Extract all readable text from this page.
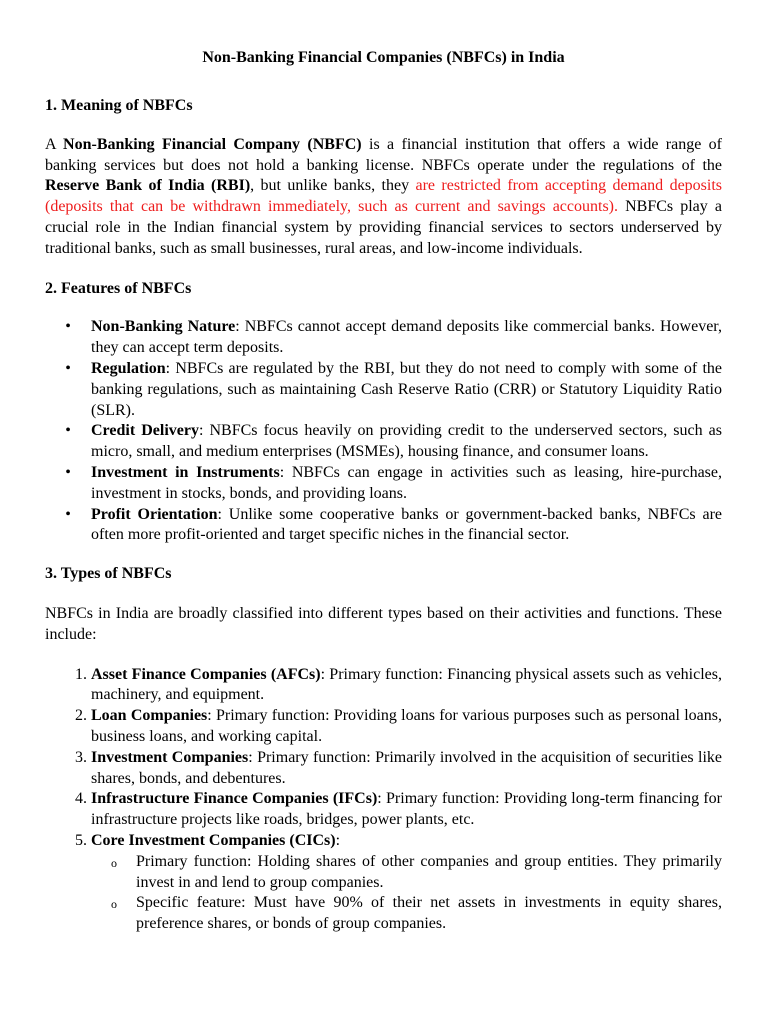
Non-Banking Financial Companies (NBFCs) in India
1. Meaning of NBFCs

A Non-Banking Financial Company (NBFC) is a financial institution that offers a wide range of banking services but does not hold a banking license. NBFCs operate under the regulations of the Reserve Bank of India (RBI), but unlike banks, they are restricted from accepting demand deposits (deposits that can be withdrawn immediately, such as current and savings accounts). NBFCs play a crucial role in the Indian financial system by providing financial services to sectors underserved by traditional banks, such as small businesses, rural areas, and low-income individuals.

2. Features of NBFCs
• Non-Banking Nature: NBFCs cannot accept demand deposits like commercial banks. However, they can accept term deposits.
• Regulation: NBFCs are regulated by the RBI, but they do not need to comply with some of the banking regulations, such as maintaining Cash Reserve Ratio (CRR) or Statutory Liquidity Ratio (SLR).
• Credit Delivery: NBFCs focus heavily on providing credit to the underserved sectors, such as micro, small, and medium enterprises (MSMEs), housing finance, and consumer loans.
• Investment in Instruments: NBFCs can engage in activities such as leasing, hire-purchase, investment in stocks, bonds, and providing loans.
• Profit Orientation: Unlike some cooperative banks or government-backed banks, NBFCs are often more profit-oriented and target specific niches in the financial sector.
3. Types of NBFCs

NBFCs in India are broadly classified into different types based on their activities and functions. These include:

1. Asset Finance Companies (AFCs): Primary function: Financing physical assets such as vehicles, machinery, and equipment.
2. Loan Companies: Primary function: Providing loans for various purposes such as personal loans, business loans, and working capital.
3. Investment Companies: Primary function: Primarily involved in the acquisition of securities like shares, bonds, and debentures.
4. Infrastructure Finance Companies (IFCs): Primary function: Providing long-term financing for infrastructure projects like roads, bridges, power plants, etc.
5. Core Investment Companies (CICs):
o Primary function: Holding shares of other companies and group entities. They primarily invest in and lend to group companies.
o Specific feature: Must have 90% of their net assets in investments in equity shares, preference shares, or bonds of group companies.
